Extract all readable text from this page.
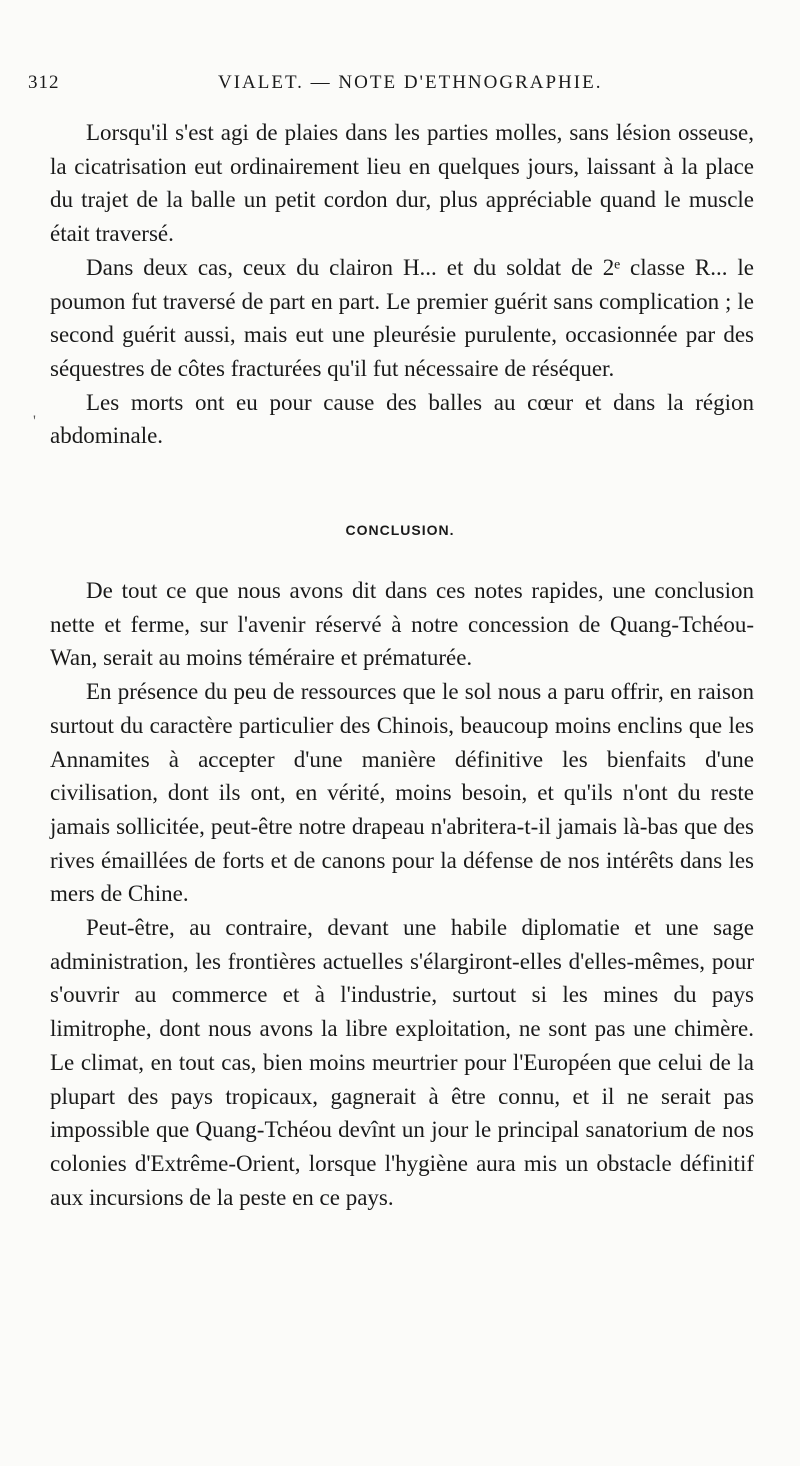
312	VIALET. — NOTE D'ETHNOGRAPHIE.
'

Lorsqu'il s'est agi de plaies dans les parties molles, sans lésion osseuse, la cicatrisation eut ordinairement lieu en quelques jours, laissant à la place du trajet de la balle un petit cordon dur, plus appréciable quand le muscle était traversé.

Dans deux cas, ceux du clairon H... et du soldat de 2ᵉ classe R... le poumon fut traversé de part en part. Le premier guérit sans complication ; le second guérit aussi, mais eut une pleurésie purulente, occasionnée par des séquestres de côtes fracturées qu'il fut nécessaire de réséquer.

Les morts ont eu pour cause des balles au cœur et dans la région abdominale.

CONCLUSION.

De tout ce que nous avons dit dans ces notes rapides, une conclusion nette et ferme, sur l'avenir réservé à notre concession de Quang-Tchéou-Wan, serait au moins téméraire et prématurée.

En présence du peu de ressources que le sol nous a paru offrir, en raison surtout du caractère particulier des Chinois, beaucoup moins enclins que les Annamites à accepter d'une manière définitive les bienfaits d'une civilisation, dont ils ont, en vérité, moins besoin, et qu'ils n'ont du reste jamais sollicitée, peut-être notre drapeau n'abritera-t-il jamais là-bas que des rives émaillées de forts et de canons pour la défense de nos intérêts dans les mers de Chine.

Peut-être, au contraire, devant une habile diplomatie et une sage administration, les frontières actuelles s'élargiront-elles d'elles-mêmes, pour s'ouvrir au commerce et à l'industrie, surtout si les mines du pays limitrophe, dont nous avons la libre exploitation, ne sont pas une chimère. Le climat, en tout cas, bien moins meurtrier pour l'Européen que celui de la plupart des pays tropicaux, gagnerait à être connu, et il ne serait pas impossible que Quang-Tchéou devînt un jour le principal sanatorium de nos colonies d'Extrême-Orient, lorsque l'hygiène aura mis un obstacle définitif aux incursions de la peste en ce pays.
